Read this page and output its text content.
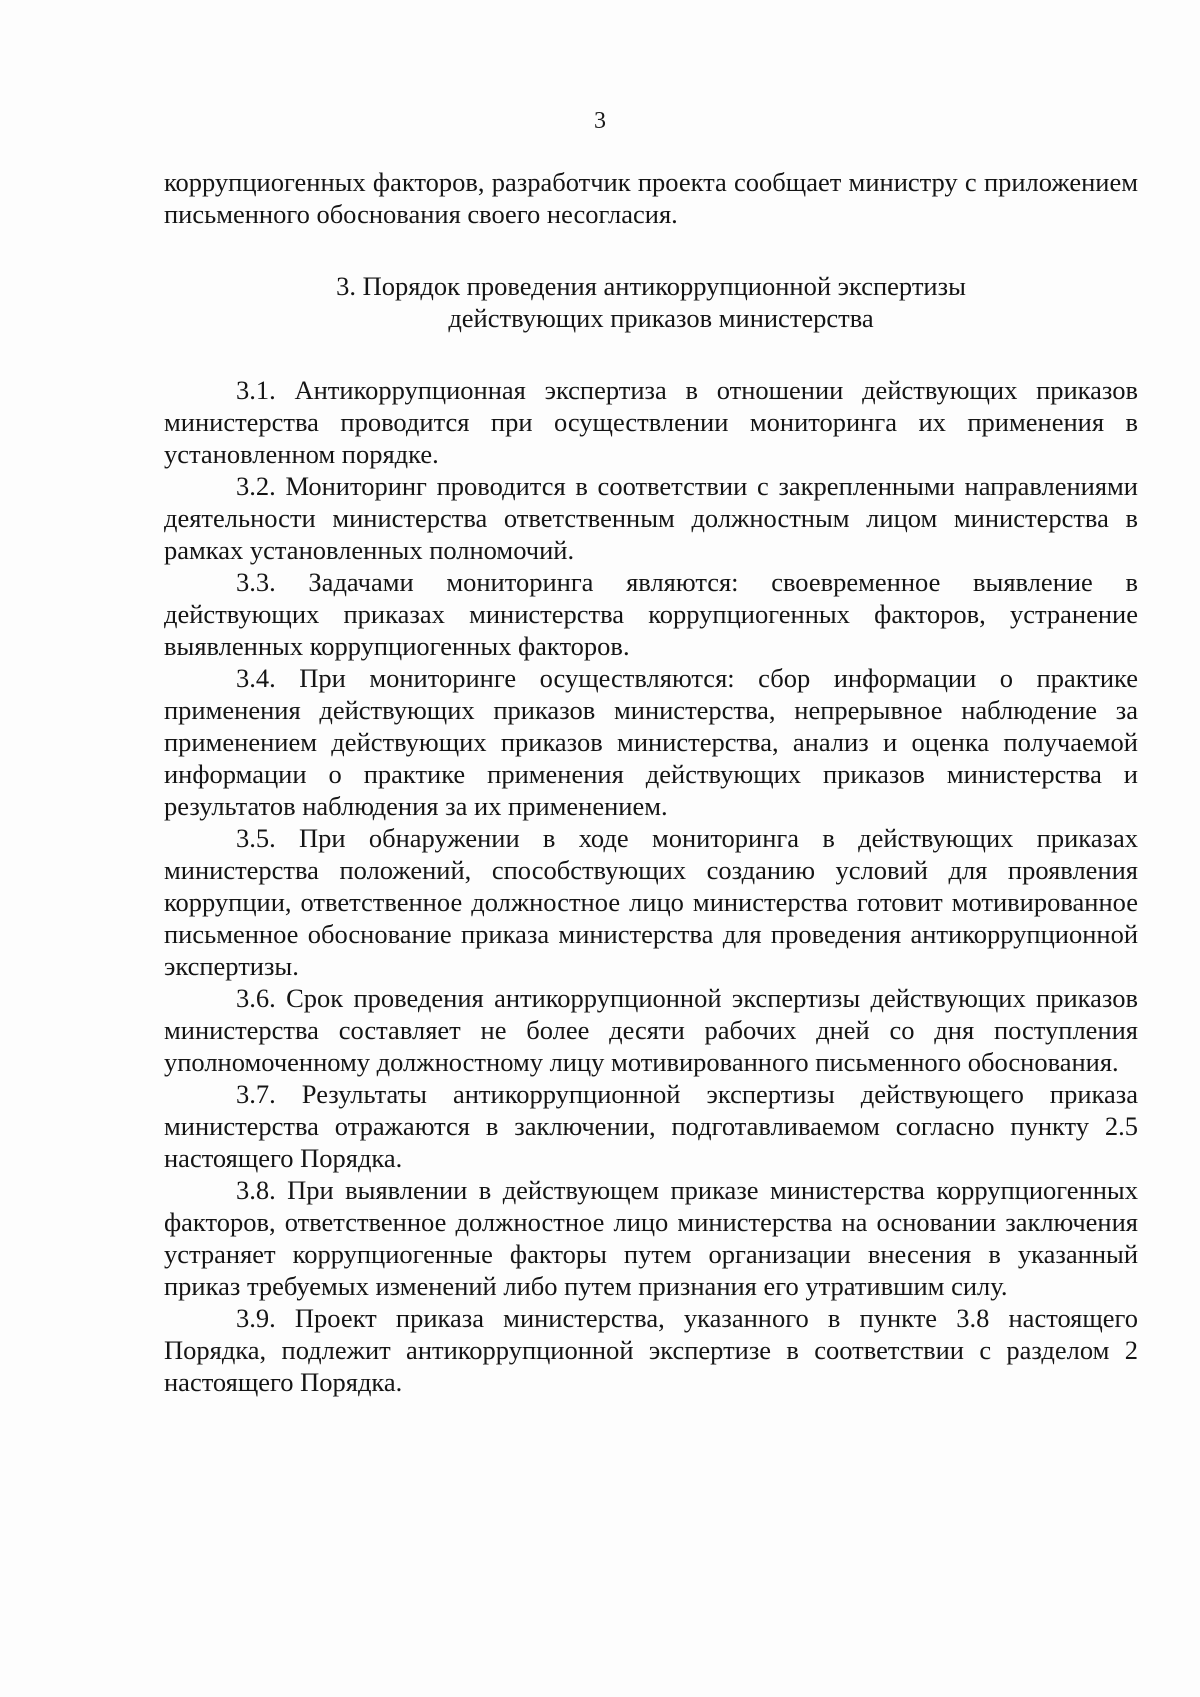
3

коррупциогенных факторов, разработчик проекта сообщает министру с приложением письменного обоснования своего несогласия.

3. Порядок проведения антикоррупционной экспертизы
действующих приказов министерства

3.1. Антикоррупционная экспертиза в отношении действующих приказов министерства проводится при осуществлении мониторинга их применения в установленном порядке.

3.2. Мониторинг проводится в соответствии с закрепленными направлениями деятельности министерства ответственным должностным лицом министерства в рамках установленных полномочий.

3.3. Задачами мониторинга являются: своевременное выявление в действующих приказах министерства коррупциогенных факторов, устранение выявленных коррупциогенных факторов.

3.4. При мониторинге осуществляются: сбор информации о практике применения действующих приказов министерства, непрерывное наблюдение за применением действующих приказов министерства, анализ и оценка получаемой информации о практике применения действующих приказов министерства и результатов наблюдения за их применением.

3.5. При обнаружении в ходе мониторинга в действующих приказах министерства положений, способствующих созданию условий для проявления коррупции, ответственное должностное лицо министерства готовит мотивированное письменное обоснование приказа министерства для проведения антикоррупционной экспертизы.

3.6. Срок проведения антикоррупционной экспертизы действующих приказов министерства составляет не более десяти рабочих дней со дня поступления уполномоченному должностному лицу мотивированного письменного обоснования.

3.7. Результаты антикоррупционной экспертизы действующего приказа министерства отражаются в заключении, подготавливаемом согласно пункту 2.5 настоящего Порядка.

3.8. При выявлении в действующем приказе министерства коррупциогенных факторов, ответственное должностное лицо министерства на основании заключения устраняет коррупциогенные факторы путем организации внесения в указанный приказ требуемых изменений либо путем признания его утратившим силу.

3.9. Проект приказа министерства, указанного в пункте 3.8 настоящего Порядка, подлежит антикоррупционной экспертизе в соответствии с разделом 2 настоящего Порядка.
